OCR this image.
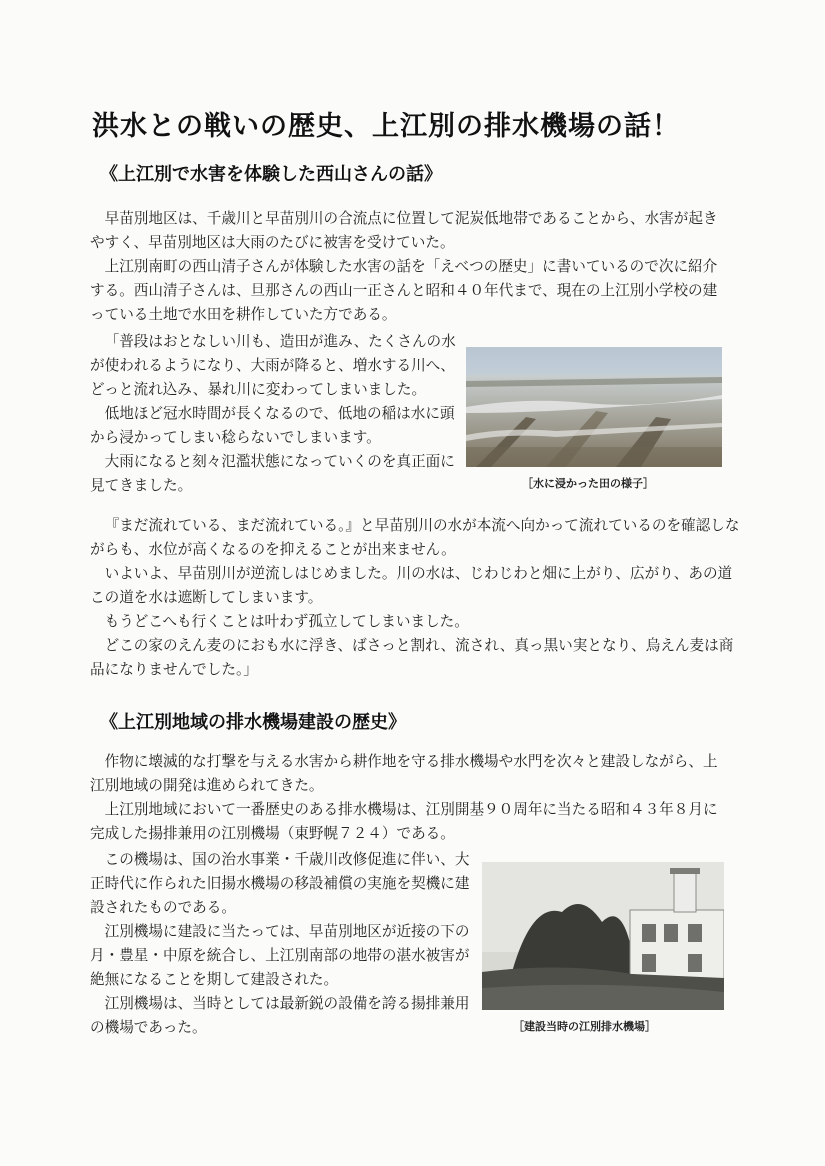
洪水との戦いの歴史、上江別の排水機場の話！
《上江別で水害を体験した西山さんの話》

早苗別地区は、千歳川と早苗別川の合流点に位置して泥炭低地帯であることから、水害が起きやすく、早苗別地区は大雨のたびに被害を受けていた。

上江別南町の西山清子さんが体験した水害の話を「えべつの歴史」に書いているので次に紹介する。西山清子さんは、旦那さんの西山一正さんと昭和４０年代まで、現在の上江別小学校の建っている土地で水田を耕作していた方である。

「普段はおとなしい川も、造田が進み、たくさんの水が使われるようになり、大雨が降ると、増水する川へ、どっと流れ込み、暴れ川に変わってしまいました。

低地ほど冠水時間が長くなるので、低地の稲は水に頭から浸かってしまい稔らないでしまいます。

大雨になると刻々氾濫状態になっていくのを真正面に見てきました。	［水に浸かった田の様子］

『まだ流れている、まだ流れている。』と早苗別川の水が本流へ向かって流れているのを確認しながらも、水位が高くなるのを抑えることが出来ません。

いよいよ、早苗別川が逆流しはじめました。川の水は、じわじわと畑に上がり、広がり、あの道この道を水は遮断してしまいます。

もうどこへも行くことは叶わず孤立してしまいました。

どこの家のえん麦のにおも水に浮き、ばさっと割れ、流され、真っ黒い実となり、烏えん麦は商品になりませんでした。」

《上江別地域の排水機場建設の歴史》

作物に壊滅的な打撃を与える水害から耕作地を守る排水機場や水門を次々と建設しながら、上江別地域の開発は進められてきた。

上江別地域において一番歴史のある排水機場は、江別開基９０周年に当たる昭和４３年８月に完成した揚排兼用の江別機場（東野幌７２４）である。

この機場は、国の治水事業・千歳川改修促進に伴い、大正時代に作られた旧揚水機場の移設補償の実施を契機に建設されたものである。

江別機場に建設に当たっては、早苗別地区が近接の下の月・豊星・中原を統合し、上江別南部の地帯の湛水被害が絶無になることを期して建設された。

江別機場は、当時としては最新鋭の設備を誇る揚排兼用の機場であった。	［建設当時の江別排水機場］
